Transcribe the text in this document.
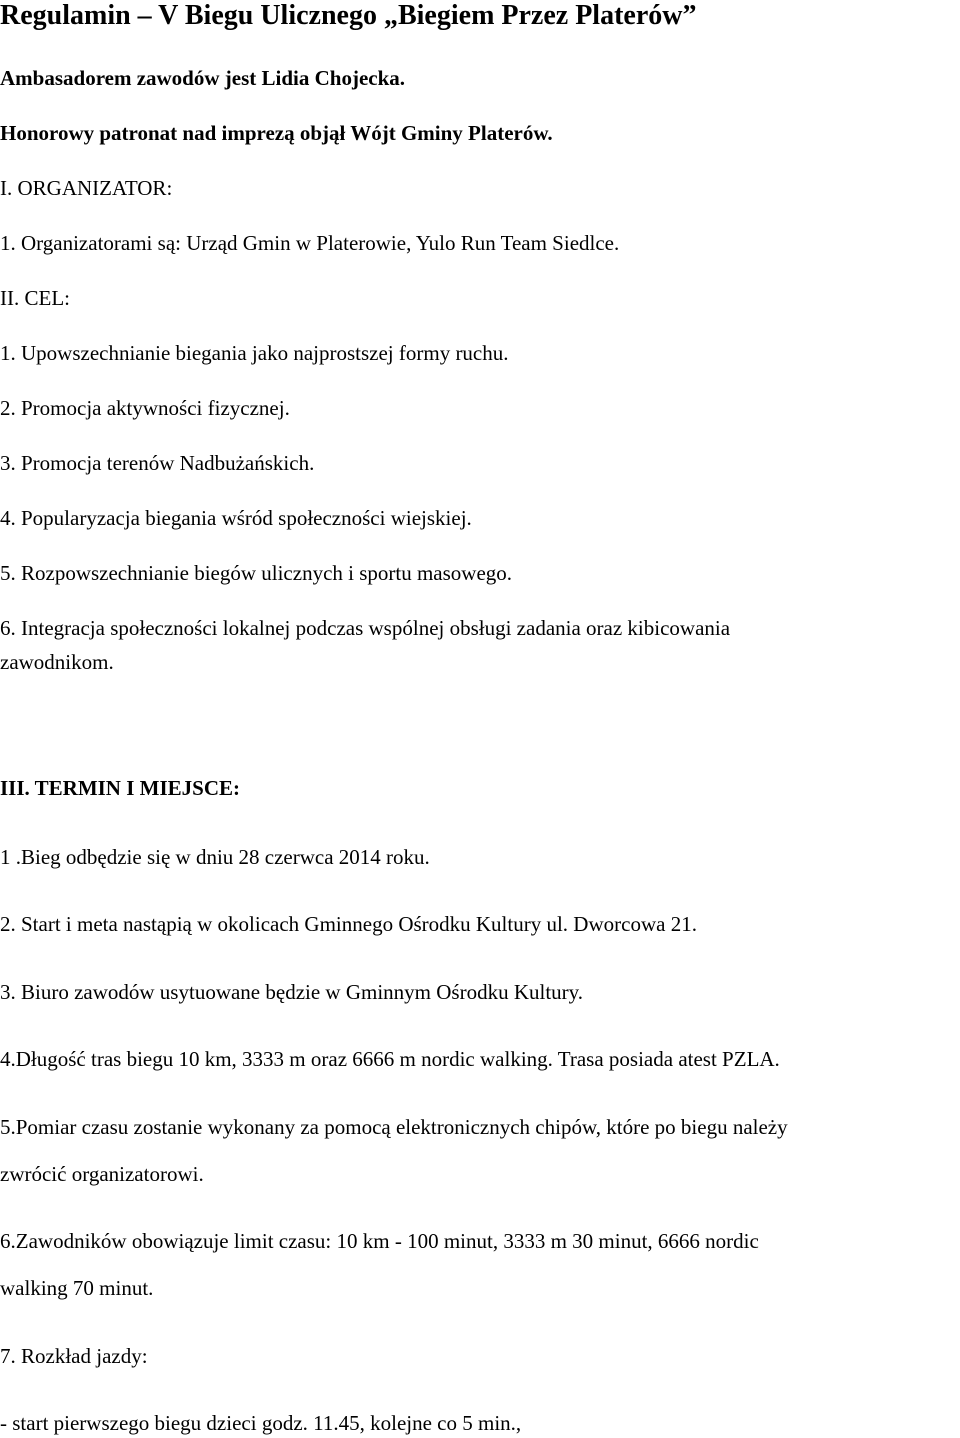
Regulamin – V Biegu Ulicznego „Biegiem Przez Platerów”
Ambasadorem zawodów jest Lidia Chojecka.
Honorowy patronat nad imprezą objął Wójt Gminy Platerów.
I. ORGANIZATOR:
1. Organizatorami są: Urząd Gmin w Platerowie, Yulo Run Team Siedlce.
II. CEL:
1. Upowszechnianie biegania jako najprostszej formy ruchu.
2. Promocja aktywności fizycznej.
3. Promocja terenów Nadbużańskich.
4. Popularyzacja biegania wśród społeczności wiejskiej.
5. Rozpowszechnianie biegów ulicznych i sportu masowego.
6. Integracja społeczności lokalnej podczas wspólnej obsługi zadania oraz kibicowania
zawodnikom.
III. TERMIN I MIEJSCE:
1 .Bieg odbędzie się w dniu 28 czerwca 2014 roku.
2. Start i meta nastąpią w okolicach Gminnego Ośrodku Kultury ul. Dworcowa 21.
3. Biuro zawodów usytuowane będzie w Gminnym Ośrodku Kultury.
4.Długość tras biegu 10 km, 3333 m oraz 6666 m nordic walking. Trasa posiada atest PZLA.
5.Pomiar czasu zostanie wykonany za pomocą elektronicznych chipów, które po biegu należy
zwrócić organizatorowi.
6.Zawodników obowiązuje limit czasu: 10 km - 100 minut, 3333 m 30 minut, 6666 nordic
walking 70 minut.
7. Rozkład jazdy:
- start pierwszego biegu dzieci godz. 11.45, kolejne co 5 min.,
